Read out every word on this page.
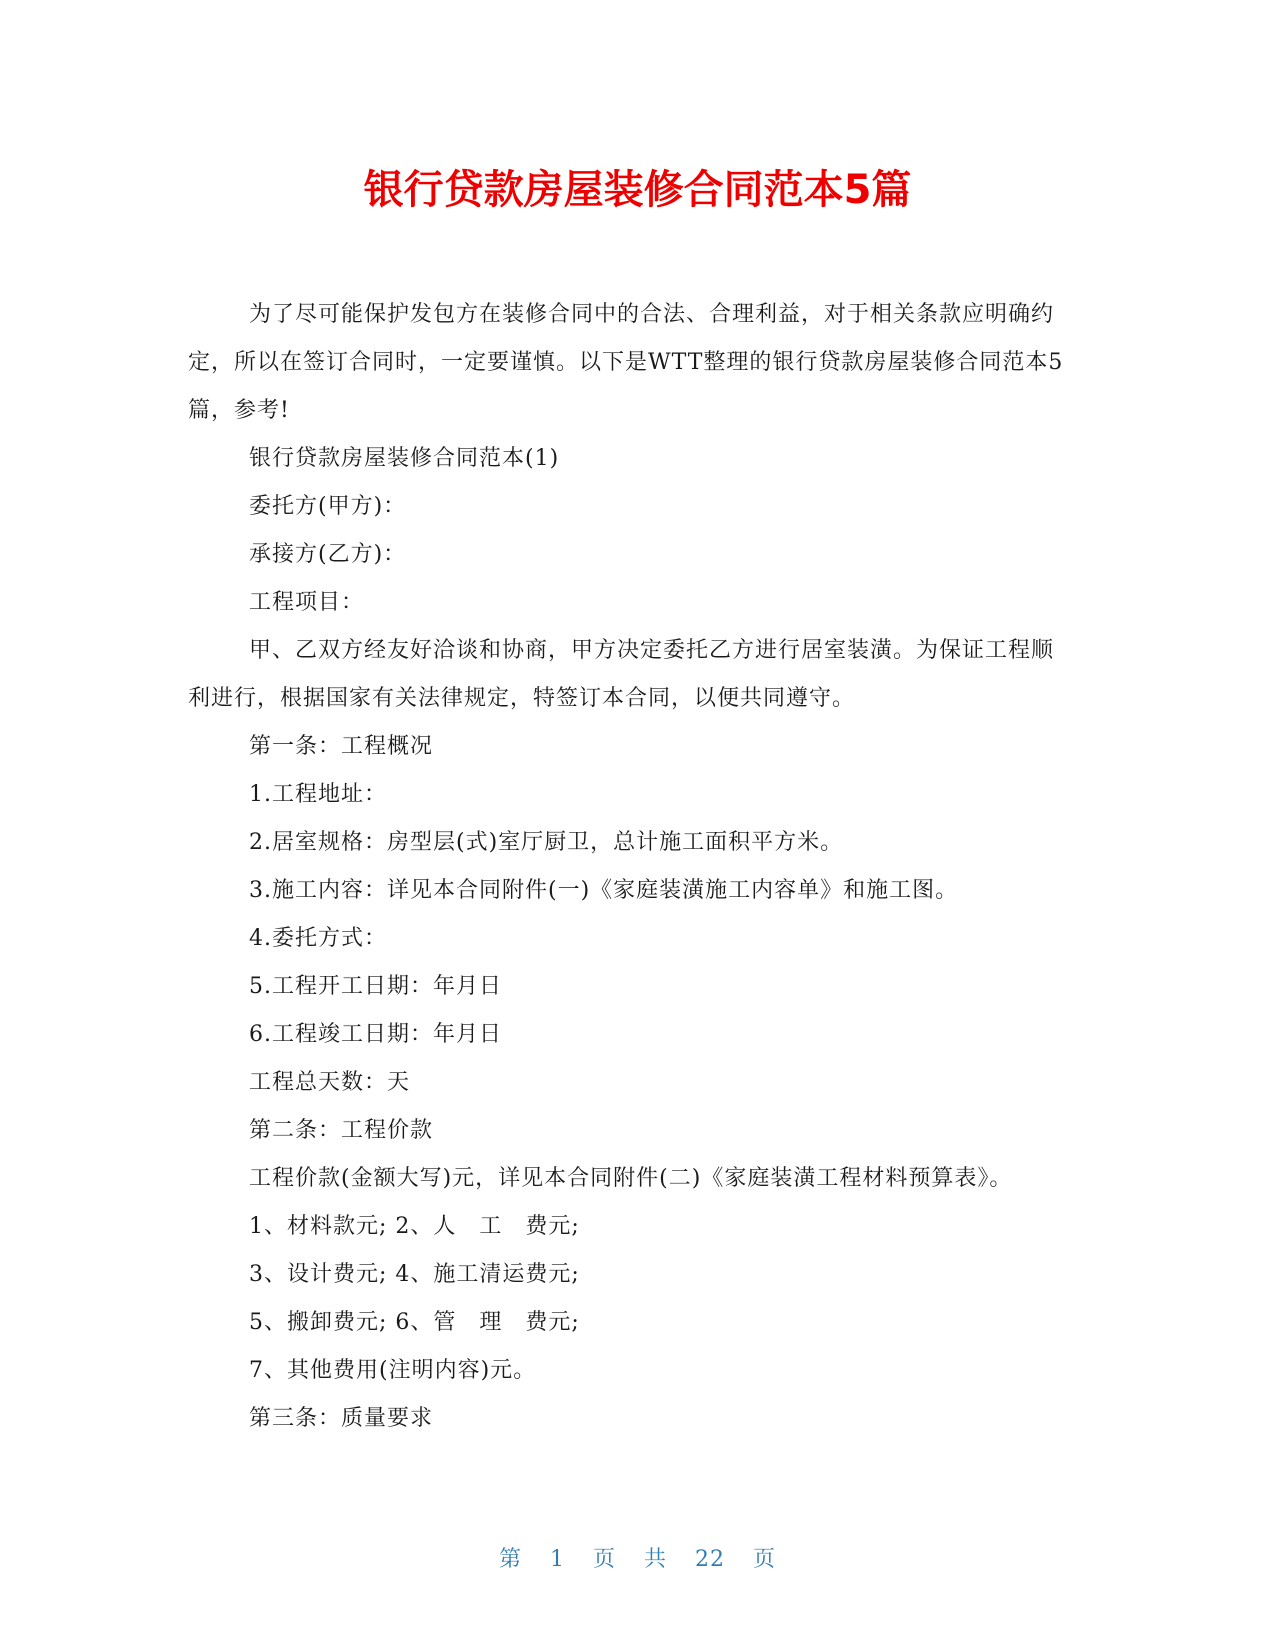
银行贷款房屋装修合同范本5篇

为了尽可能保护发包方在装修合同中的合法、合理利益，对于相关条款应明确约定，所以在签订合同时，一定要谨慎。以下是WTT整理的银行贷款房屋装修合同范本5篇，参考!

银行贷款房屋装修合同范本(1)

委托方(甲方)：

承接方(乙方)：

工程项目：

甲、乙双方经友好洽谈和协商，甲方决定委托乙方进行居室装潢。为保证工程顺利进行，根据国家有关法律规定，特签订本合同，以便共同遵守。

第一条：工程概况

1.工程地址：

2.居室规格：房型层(式)室厅厨卫，总计施工面积平方米。

3.施工内容：详见本合同附件(一)《家庭装潢施工内容单》和施工图。

4.委托方式：

5.工程开工日期：年月日

6.工程竣工日期：年月日

工程总天数：天

第二条：工程价款

工程价款(金额大写)元，详见本合同附件(二)《家庭装潢工程材料预算表》。

1、材料款元; 2、人　工　费元;

3、设计费元; 4、施工清运费元;

5、搬卸费元; 6、管　理　费元;

7、其他费用(注明内容)元。

第三条：质量要求

第 1 页 共 22 页
